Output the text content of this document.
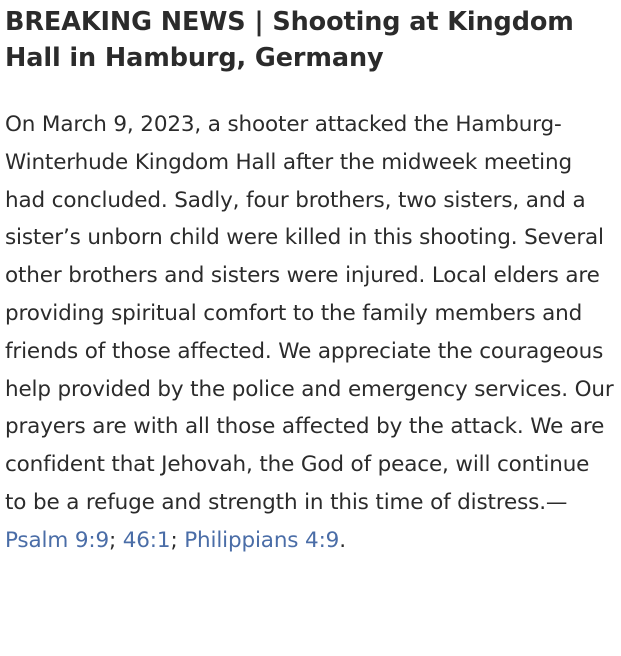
BREAKING NEWS | Shooting at Kingdom Hall in Hamburg, Germany

On March 9, 2023, a shooter attacked the Hamburg-Winterhude Kingdom Hall after the midweek meeting had concluded. Sadly, four brothers, two sisters, and a sister’s unborn child were killed in this shooting. Several other brothers and sisters were injured. Local elders are providing spiritual comfort to the family members and friends of those affected. We appreciate the courageous help provided by the police and emergency services. Our prayers are with all those affected by the attack. We are confident that Jehovah, the God of peace, will continue to be a refuge and strength in this time of distress.—
Psalm 9:9; 46:1; Philippians 4:9.
